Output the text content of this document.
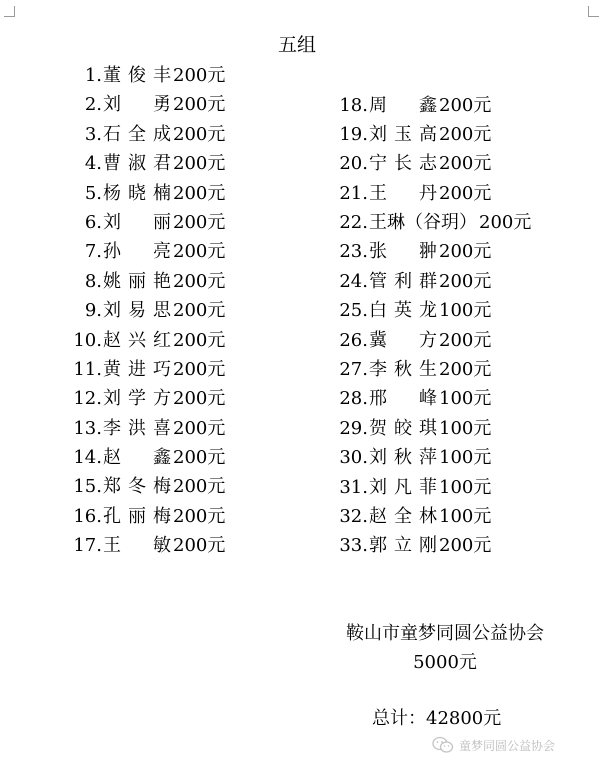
五组
1.董俊丰 200元
2.刘勇 200元
3.石全成 200元
4.曹淑君 200元
5.杨晓楠 200元
6.刘丽 200元
7.孙亮 200元
8.姚丽艳 200元
9.刘易思 200元
10.赵兴红 200元
11.黄进巧 200元
12.刘学方 200元
13.李洪喜 200元
14.赵鑫 200元
15.郑冬梅 200元
16.孔丽梅 200元
17.王敏 200元
18.周鑫 200元
19.刘玉高 200元
20.宁长志 200元
21.王丹 200元
22.王琳（谷玥） 200元
23.张翀 200元
24.管利群 200元
25.白英龙 100元
26.冀方 200元
27.李秋生 200元
28.邢峰 100元
29.贺皎琪 100元
30.刘秋萍 100元
31.刘凡菲 100元
32.赵全林 100元
33.郭立刚 200元
鞍山市童梦同圆公益协会
5000元
总计：42800元
童梦同圆公益协会
